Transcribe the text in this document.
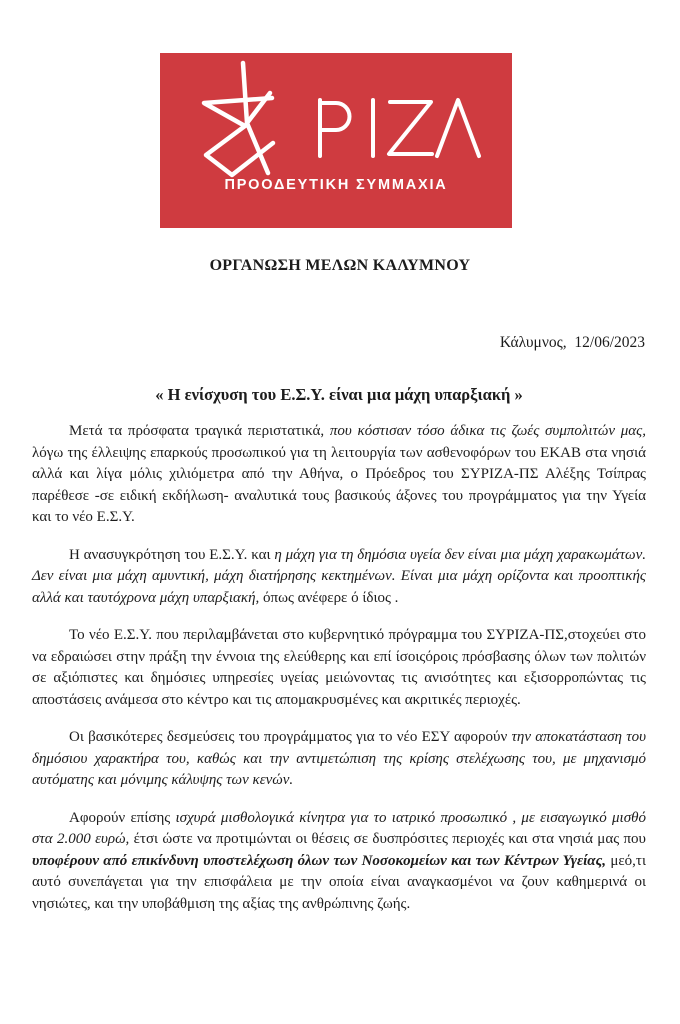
ΠΡΟΟΔΕΥΤΙΚΗ ΣΥΜΜΑΧΙΑ
ΟΡΓΑΝΩΣΗ ΜΕΛΩΝ ΚΑΛΥΜΝΟΥ
Κάλυμνος,  12/06/2023
« Η ενίσχυση του Ε.Σ.Υ. είναι μια μάχη υπαρξιακή »

Μετά τα πρόσφατα τραγικά περιστατικά, που κόστισαν τόσο άδικα τις ζωές συμπολιτών μας, λόγω της έλλειψης επαρκούς προσωπικού για τη λειτουργία των ασθενοφόρων του ΕΚΑΒ στα νησιά αλλά και λίγα μόλις χιλιόμετρα από την Αθήνα, ο Πρόεδρος του ΣΥΡΙΖΑ-ΠΣ Αλέξης Τσίπρας παρέθεσε -σε ειδική εκδήλωση- αναλυτικά τους βασικούς άξονες του προγράμματος για την Υγεία και το νέο Ε.Σ.Υ.

Η ανασυγκρότηση του Ε.Σ.Υ. και η μάχη για τη δημόσια υγεία δεν είναι μια μάχη χαρακωμάτων. Δεν είναι μια μάχη αμυντική, μάχη διατήρησης κεκτημένων. Είναι μια μάχη ορίζοντα και προοπτικής αλλά και ταυτόχρονα μάχη υπαρξιακή, όπως ανέφερε ό ίδιος .

Το νέο Ε.Σ.Υ. που περιλαμβάνεται στο κυβερνητικό πρόγραμμα του ΣΥΡΙΖΑ-ΠΣ,στοχεύει στο να εδραιώσει στην πράξη την έννοια της ελεύθερης και επί ίσοιςόροις πρόσβασης όλων των πολιτών σε αξιόπιστες και δημόσιες υπηρεσίες υγείας μειώνοντας τις ανισότητες και εξισορροπώντας τις αποστάσεις ανάμεσα στο κέντρο και τις απομακρυσμένες και ακριτικές περιοχές.

Οι βασικότερες δεσμεύσεις του προγράμματος για το νέο ΕΣΥ αφορούν την αποκατάσταση του δημόσιου χαρακτήρα του, καθώς και την αντιμετώπιση της κρίσης στελέχωσης του, με μηχανισμό αυτόματης και μόνιμης κάλυψης των κενών.

Αφορούν επίσης ισχυρά μισθολογικά κίνητρα για το ιατρικό προσωπικό , με εισαγωγικό μισθό στα 2.000 ευρώ, έτσι ώστε να προτιμώνται οι θέσεις σε δυσπρόσιτες περιοχές και στα νησιά μας που υποφέρουν από επικίνδυνη υποστελέχωση όλων των Νοσοκομείων και των Κέντρων Υγείας, μεό,τι αυτό συνεπάγεται για την επισφάλεια με την οποία είναι αναγκασμένοι να ζουν καθημερινά οι νησιώτες, και την υποβάθμιση της αξίας της ανθρώπινης ζωής.
